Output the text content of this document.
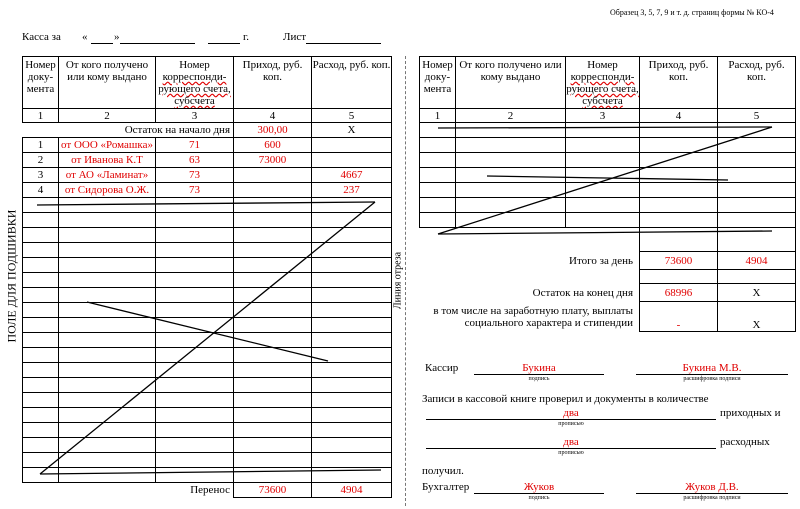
Образец 3, 5, 7, 9 и т. д. страниц формы № КО-4
Касса за « »	г.	Лист
ПОЛЕ ДЛЯ ПОДШИВКИ	Линия отреза
Номер доку-мента	От кого получено или кому выдано	Номер
корреспонди-
рующего счета,
субсчета	Приход, руб. коп.	Расход, руб. коп.
1	2	3	4	5
Остаток на начало дня			300,00	X
1	от ООО «Ромашка»	71	600	
2	от Иванова К.Т	63	73000	
3	от АО «Ламинат»	73		4667
4	от Сидорова О.Ж.	73		237

Перенос			73600	4904
Номер доку-мента	От кого получено или кому выдано	Номер
корреспонди-
рующего счета,
субсчета	Приход, руб. коп.	Расход, руб. коп.
1	2	3	4	5

Итого за день			73600	4904

Остаток на конец дня			68996	X
в том числе на заработную плату, выплаты
социального характера и стипендии			-	X
Кассир	Букина
подпись
Букина М.В.
расшифровка подписи
Записи в кассовой книге проверил и документы в количестве
два	приходных и
прописью
два	расходных
прописью
получил.
Бухгалтер	Жуков
подпись
Жуков Д.В.
расшифровка подписи
